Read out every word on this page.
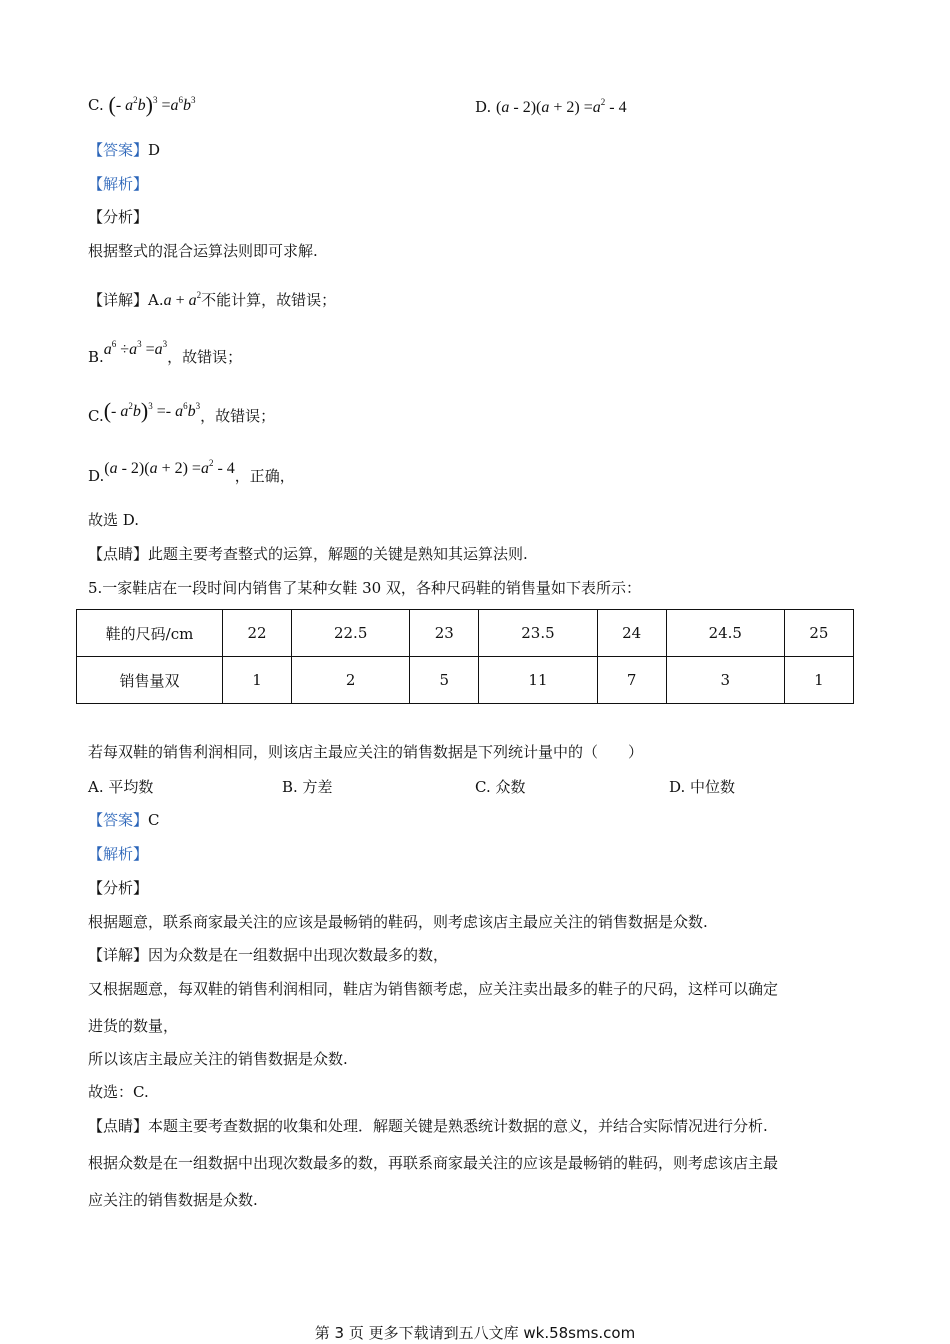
C. (- $a^2b)^3 =a^6b^3$	D. $(a - 2)(a + 2) =a^2 - 4$
【答案】D
【解析】
【分析】
根据整式的混合运算法则即可求解.
【详解】$A.a + a^2$不能计算，故错误；
$B.a^6 \div a^3 =a^3$，故错误；
C.(- $a^2b)^3 =- a^6b^3$，故错误；
$D.(a - 2)(a + 2) =a^2 - 4$，正确，
故选 D.
【点睛】此题主要考查整式的运算，解题的关键是熟知其运算法则.
5.一家鞋店在一段时间内销售了某种女鞋 30 双，各种尺码鞋的销售量如下表所示：
鞋的尺码/cm	22	22.5	23	23.5	24	24.5	25
销售量双	1	2	5	11	7	3	1
若每双鞋的销售利润相同，则该店主最应关注的销售数据是下列统计量中的（　　）
A. 平均数	B. 方差	C. 众数	D. 中位数
【答案】C
【解析】
【分析】
根据题意，联系商家最关注的应该是最畅销的鞋码，则考虑该店主最应关注的销售数据是众数.
【详解】因为众数是在一组数据中出现次数最多的数，
又根据题意，每双鞋的销售利润相同，鞋店为销售额考虑，应关注卖出最多的鞋子的尺码，这样可以确定
进货的数量，
所以该店主最应关注的销售数据是众数.
故选：C.
【点睛】本题主要考查数据的收集和处理．解题关键是熟悉统计数据的意义，并结合实际情况进行分析.
根据众数是在一组数据中出现次数最多的数，再联系商家最关注的应该是最畅销的鞋码，则考虑该店主最
应关注的销售数据是众数.
第 3 页 更多下载请到五八文库 wk.58sms.com
